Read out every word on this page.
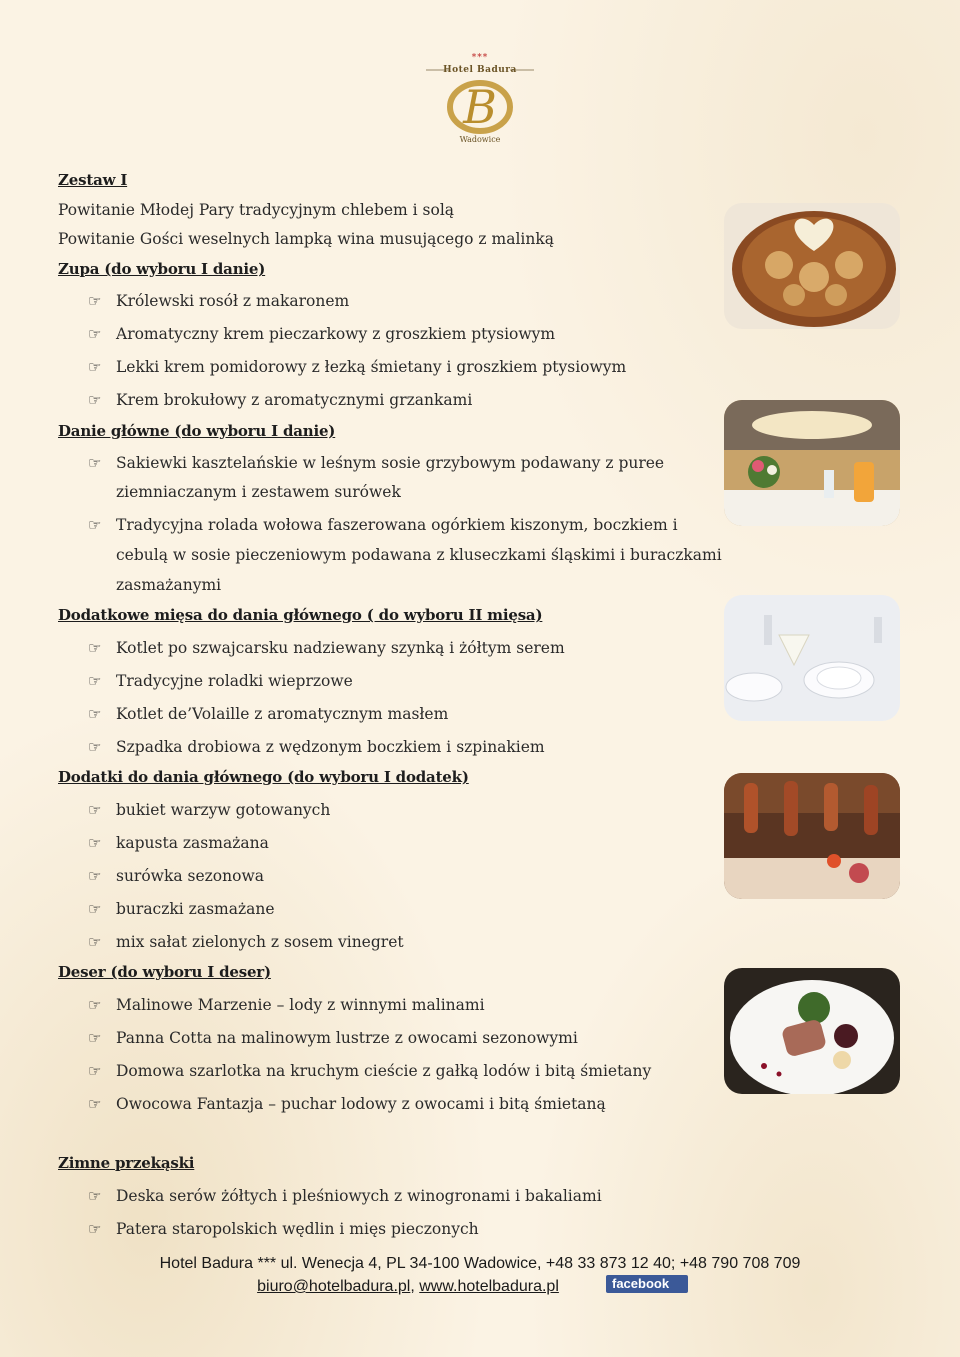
***
Hotel Badura
B
Wadowice
Zestaw I
Powitanie Młodej Pary tradycyjnym chlebem i solą
Powitanie Gości weselnych lampką wina musującego z malinką
Zupa (do wyboru I danie)
☞ Królewski rosół z makaronem
☞ Aromatyczny krem pieczarkowy z groszkiem ptysiowym
☞ Lekki krem pomidorowy z łezką śmietany i groszkiem ptysiowym
☞ Krem brokułowy z aromatycznymi grzankami
Danie główne (do wyboru I danie)
☞ Sakiewki kasztelańskie w leśnym sosie grzybowym podawany z puree
ziemniaczanym i zestawem surówek
☞ Tradycyjna rolada wołowa faszerowana ogórkiem kiszonym, boczkiem i
cebulą w sosie pieczeniowym podawana z kluseczkami śląskimi i buraczkami
zasmażanymi
Dodatkowe mięsa do dania głównego ( do wyboru II mięsa)
☞ Kotlet po szwajcarsku nadziewany szynką i żółtym serem
☞ Tradycyjne roladki wieprzowe
☞ Kotlet de’Volaille z aromatycznym masłem
☞ Szpadka drobiowa z wędzonym boczkiem i szpinakiem
Dodatki do dania głównego (do wyboru I dodatek)
☞ bukiet warzyw gotowanych
☞ kapusta zasmażana
☞ surówka sezonowa
☞ buraczki zasmażane
☞ mix sałat zielonych z sosem vinegret
Deser (do wyboru I deser)
☞ Malinowe Marzenie – lody z winnymi malinami
☞ Panna Cotta na malinowym lustrze z owocami sezonowymi
☞ Domowa szarlotka na kruchym cieście z gałką lodów i bitą śmietany
☞ Owocowa Fantazja – puchar lodowy z owocami i bitą śmietaną
Zimne przekąski
☞ Deska serów żółtych i pleśniowych z winogronami i bakaliami
☞ Patera staropolskich wędlin i mięs pieczonych
Hotel Badura *** ul. Wenecja 4, PL 34-100 Wadowice, +48 33 873 12 40; +48 790 708 709
biuro@hotelbadura.pl, www.hotelbadura.pl	facebook
